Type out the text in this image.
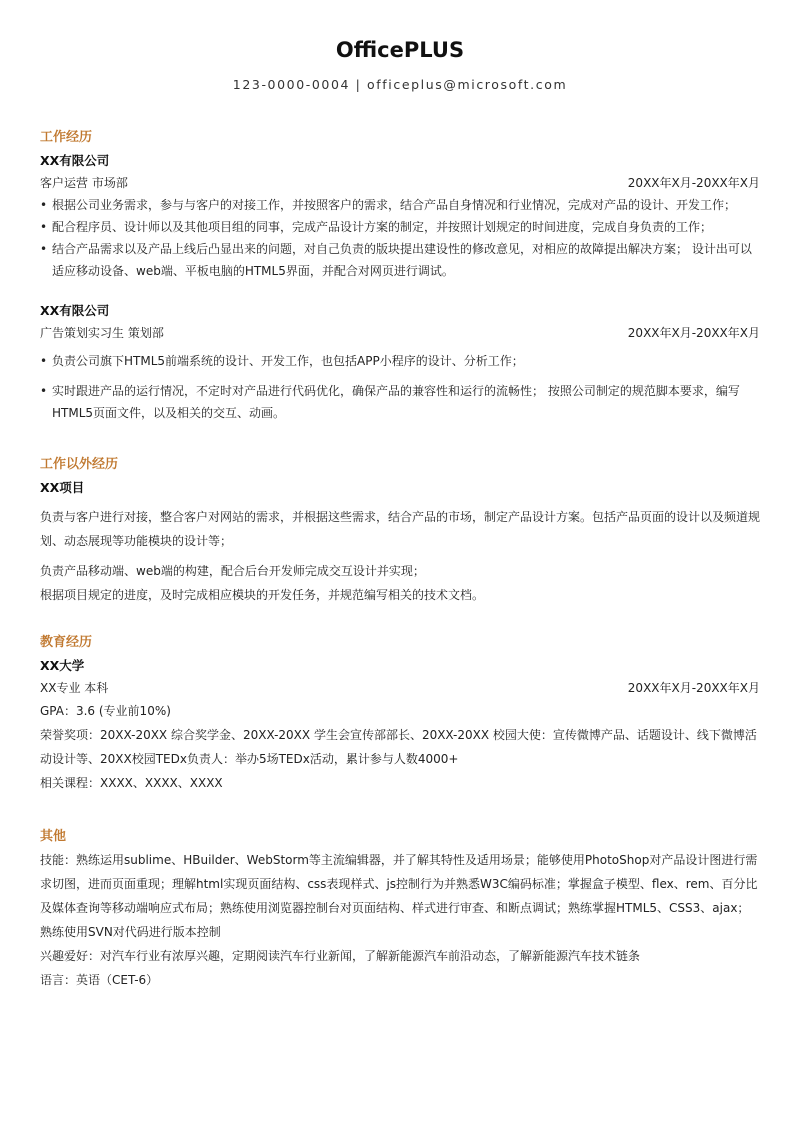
OfficePLUS
123-0000-0004 | officeplus@microsoft.com
工作经历
XX有限公司
客户运营 市场部	20XX年X月-20XX年X月
• 根据公司业务需求，参与与客户的对接工作，并按照客户的需求，结合产品自身情况和行业情况，完成对产品的设计、开发工作；
• 配合程序员、设计师以及其他项目组的同事，完成产品设计方案的制定，并按照计划规定的时间进度，完成自身负责的工作；
• 结合产品需求以及产品上线后凸显出来的问题，对自己负责的版块提出建设性的修改意见，对相应的故障提出解决方案； 设计出可以适应移动设备、web端、平板电脑的HTML5界面，并配合对网页进行调试。
XX有限公司
广告策划实习生 策划部	20XX年X月-20XX年X月
• 负责公司旗下HTML5前端系统的设计、开发工作，也包括APP小程序的设计、分析工作；
• 实时跟进产品的运行情况，不定时对产品进行代码优化，确保产品的兼容性和运行的流畅性； 按照公司制定的规范脚本要求，编写HTML5页面文件，以及相关的交互、动画。
工作以外经历
XX项目

负责与客户进行对接，整合客户对网站的需求，并根据这些需求，结合产品的市场，制定产品设计方案。包括产品页面的设计以及频道规划、动态展现等功能模块的设计等；

负责产品移动端、web端的构建，配合后台开发师完成交互设计并实现；

根据项目规定的进度，及时完成相应模块的开发任务，并规范编写相关的技术文档。

教育经历
XX大学
XX专业 本科	20XX年X月-20XX年X月

GPA：3.6 (专业前10%)

荣誉奖项：20XX-20XX 综合奖学金、20XX-20XX 学生会宣传部部长、20XX-20XX 校园大使：宣传微博产品、话题设计、线下微博活动设计等、20XX校园TEDx负责人：举办5场TEDx活动，累计参与人数4000+

相关课程：XXXX、XXXX、XXXX

其他

技能：熟练运用sublime、HBuilder、WebStorm等主流编辑器，并了解其特性及适用场景；能够使用PhotoShop对产品设计图进行需求切图，进而页面重现；理解html实现页面结构、css表现样式、js控制行为并熟悉W3C编码标准；掌握盒子模型、flex、rem、百分比及媒体查询等移动端响应式布局；熟练使用浏览器控制台对页面结构、样式进行审查、和断点调试；熟练掌握HTML5、CSS3、ajax；熟练使用SVN对代码进行版本控制

兴趣爱好：对汽车行业有浓厚兴趣，定期阅读汽车行业新闻，了解新能源汽车前沿动态，了解新能源汽车技术链条

语言：英语（CET-6）
